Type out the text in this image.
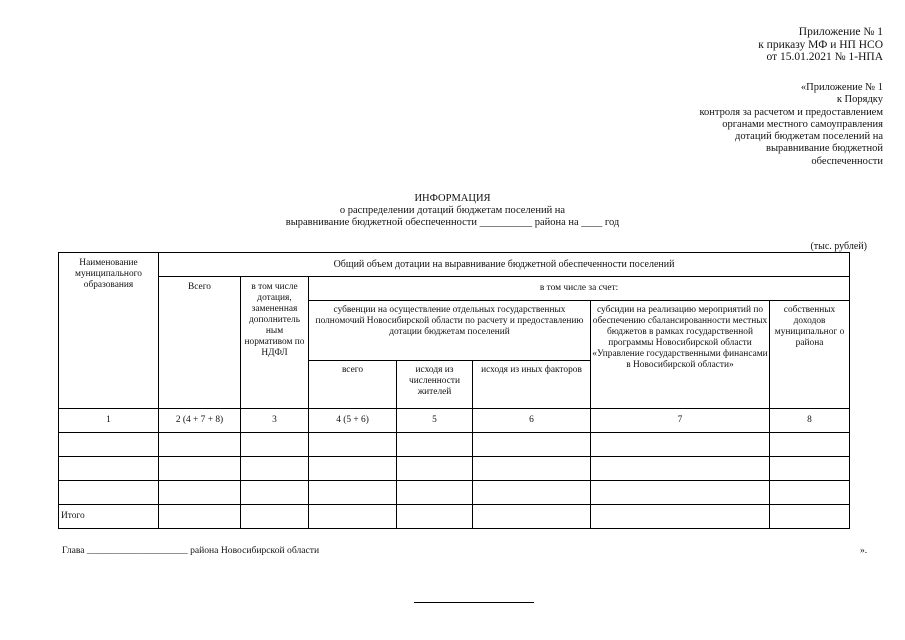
Приложение № 1
к приказу МФ и НП НСО
от 15.01.2021 № 1-НПА
«Приложение № 1
к Порядку
контроля за расчетом и предоставлением
органами местного самоуправления
дотаций бюджетам поселений на
выравнивание бюджетной
обеспеченности
ИНФОРМАЦИЯ
о распределении дотаций бюджетам поселений на
выравнивание бюджетной обеспеченности __________ района на ____ год
(тыс. рублей)
Наименование муниципального образования	Общий объем дотации на выравнивание бюджетной обеспеченности поселений						
	Всего	в том числе дотация, замененная дополнитель ным нормативом по НДФЛ	в том числе за счет:				
			субвенции на осуществление отдельных государственных полномочий Новосибирской области по расчету и предоставлению дотации бюджетам поселений			субсидии на реализацию мероприятий по обеспечению сбалансированности местных бюджетов в рамках государственной программы Новосибирской области «Управление государственными финансами в Новосибирской области»	собственных доходов муниципальног о района
			всего	исходя из численности жителей	исходя из иных факторов		
1	2 (4 + 7 + 8)	3	4 (5 + 6)	5	6	7	8

Итого							
Глава _____________________ района Новосибирской области	».
